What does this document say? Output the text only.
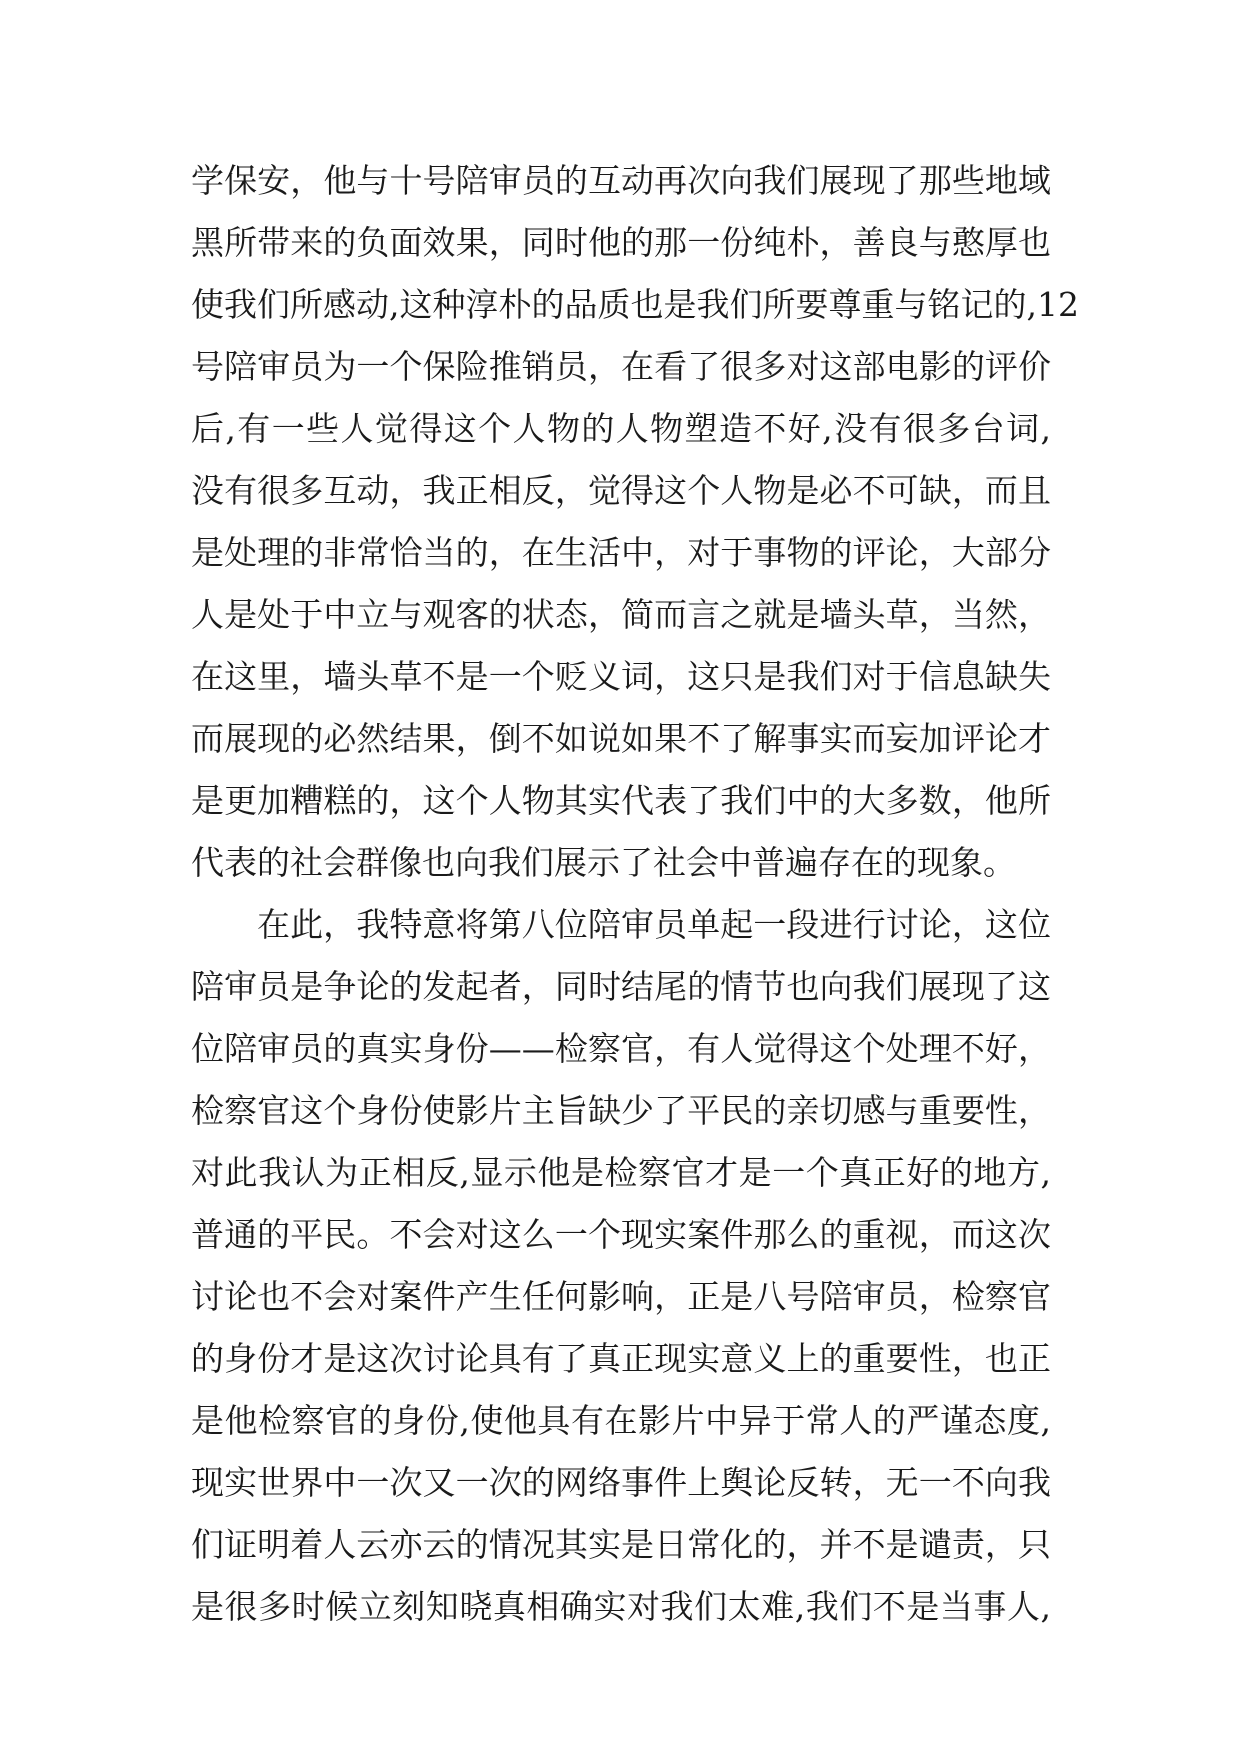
学保安，他与十号陪审员的互动再次向我们展现了那些地域
黑所带来的负面效果，同时他的那一份纯朴，善良与憨厚也
使我们所感动,这种淳朴的品质也是我们所要尊重与铭记的,12
号陪审员为一个保险推销员，在看了很多对这部电影的评价
后,有一些人觉得这个人物的人物塑造不好,没有很多台词,
没有很多互动，我正相反，觉得这个人物是必不可缺，而且
是处理的非常恰当的，在生活中，对于事物的评论，大部分
人是处于中立与观客的状态，简而言之就是墙头草，当然，
在这里，墙头草不是一个贬义词，这只是我们对于信息缺失
而展现的必然结果，倒不如说如果不了解事实而妄加评论才
是更加糟糕的，这个人物其实代表了我们中的大多数，他所
代表的社会群像也向我们展示了社会中普遍存在的现象。
在此，我特意将第八位陪审员单起一段进行讨论，这位
陪审员是争论的发起者，同时结尾的情节也向我们展现了这
位陪审员的真实身份——检察官，有人觉得这个处理不好，
检察官这个身份使影片主旨缺少了平民的亲切感与重要性，
对此我认为正相反,显示他是检察官才是一个真正好的地方,
普通的平民。不会对这么一个现实案件那么的重视，而这次
讨论也不会对案件产生任何影响，正是八号陪审员，检察官
的身份才是这次讨论具有了真正现实意义上的重要性，也正
是他检察官的身份,使他具有在影片中异于常人的严谨态度,
现实世界中一次又一次的网络事件上舆论反转，无一不向我
们证明着人云亦云的情况其实是日常化的，并不是谴责，只
是很多时候立刻知晓真相确实对我们太难,我们不是当事人,
